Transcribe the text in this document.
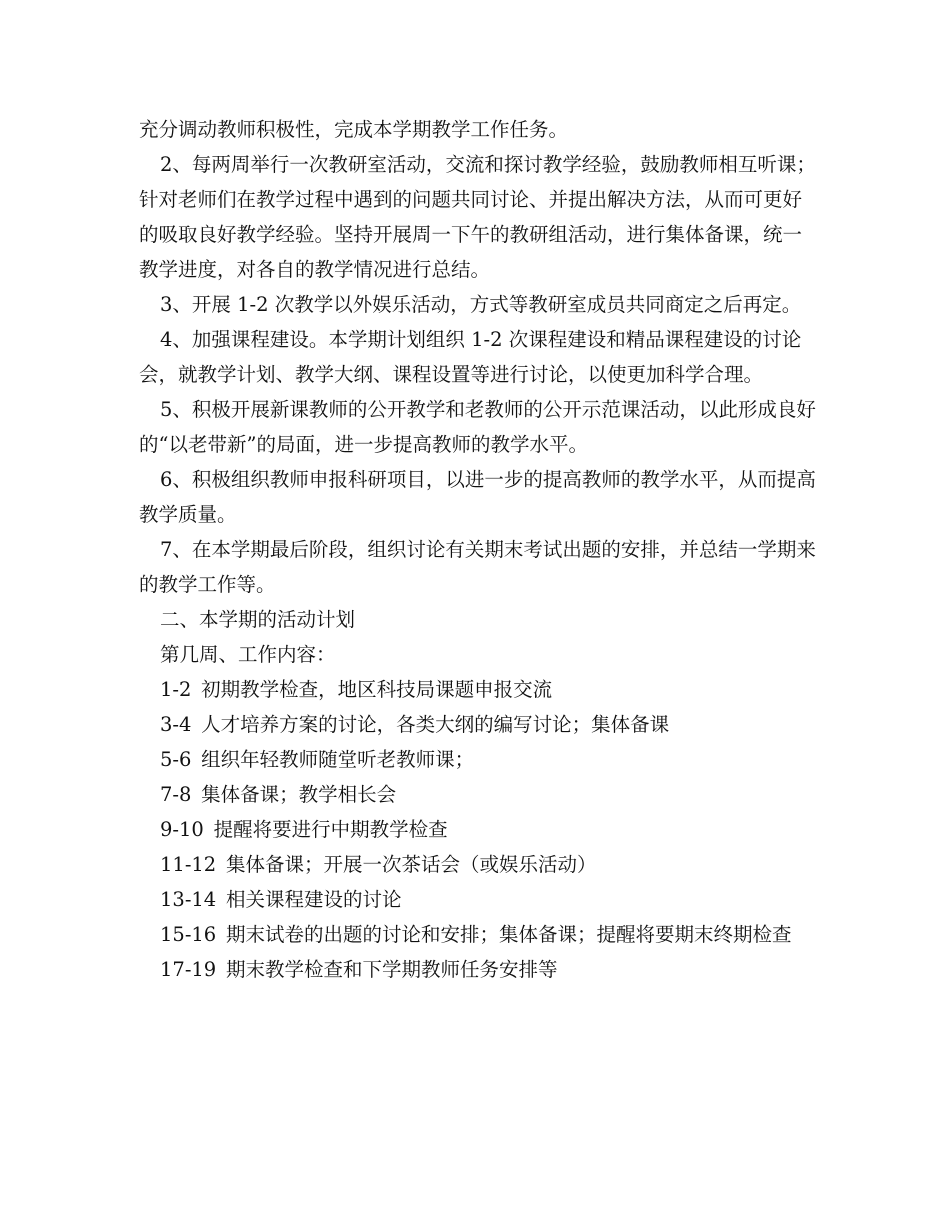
充分调动教师积极性，完成本学期教学工作任务。

2、每两周举行一次教研室活动，交流和探讨教学经验，鼓励教师相互听课；针对老师们在教学过程中遇到的问题共同讨论、并提出解决方法，从而可更好的吸取良好教学经验。坚持开展周一下午的教研组活动，进行集体备课，统一教学进度，对各自的教学情况进行总结。

3、开展 1-2 次教学以外娱乐活动，方式等教研室成员共同商定之后再定。

4、加强课程建设。本学期计划组织 1-2 次课程建设和精品课程建设的讨论会，就教学计划、教学大纲、课程设置等进行讨论，以使更加科学合理。

5、积极开展新课教师的公开教学和老教师的公开示范课活动，以此形成良好的“以老带新”的局面，进一步提高教师的教学水平。

6、积极组织教师申报科研项目，以进一步的提高教师的教学水平，从而提高教学质量。

7、在本学期最后阶段，组织讨论有关期末考试出题的安排，并总结一学期来的教学工作等。

二、本学期的活动计划

第几周、工作内容：

1-2 初期教学检查，地区科技局课题申报交流

3-4 人才培养方案的讨论，各类大纲的编写讨论；集体备课

5-6 组织年轻教师随堂听老教师课；

7-8 集体备课；教学相长会

9-10 提醒将要进行中期教学检查

11-12 集体备课；开展一次茶话会（或娱乐活动）

13-14 相关课程建设的讨论

15-16 期末试卷的出题的讨论和安排；集体备课；提醒将要期末终期检查

17-19 期末教学检查和下学期教师任务安排等
